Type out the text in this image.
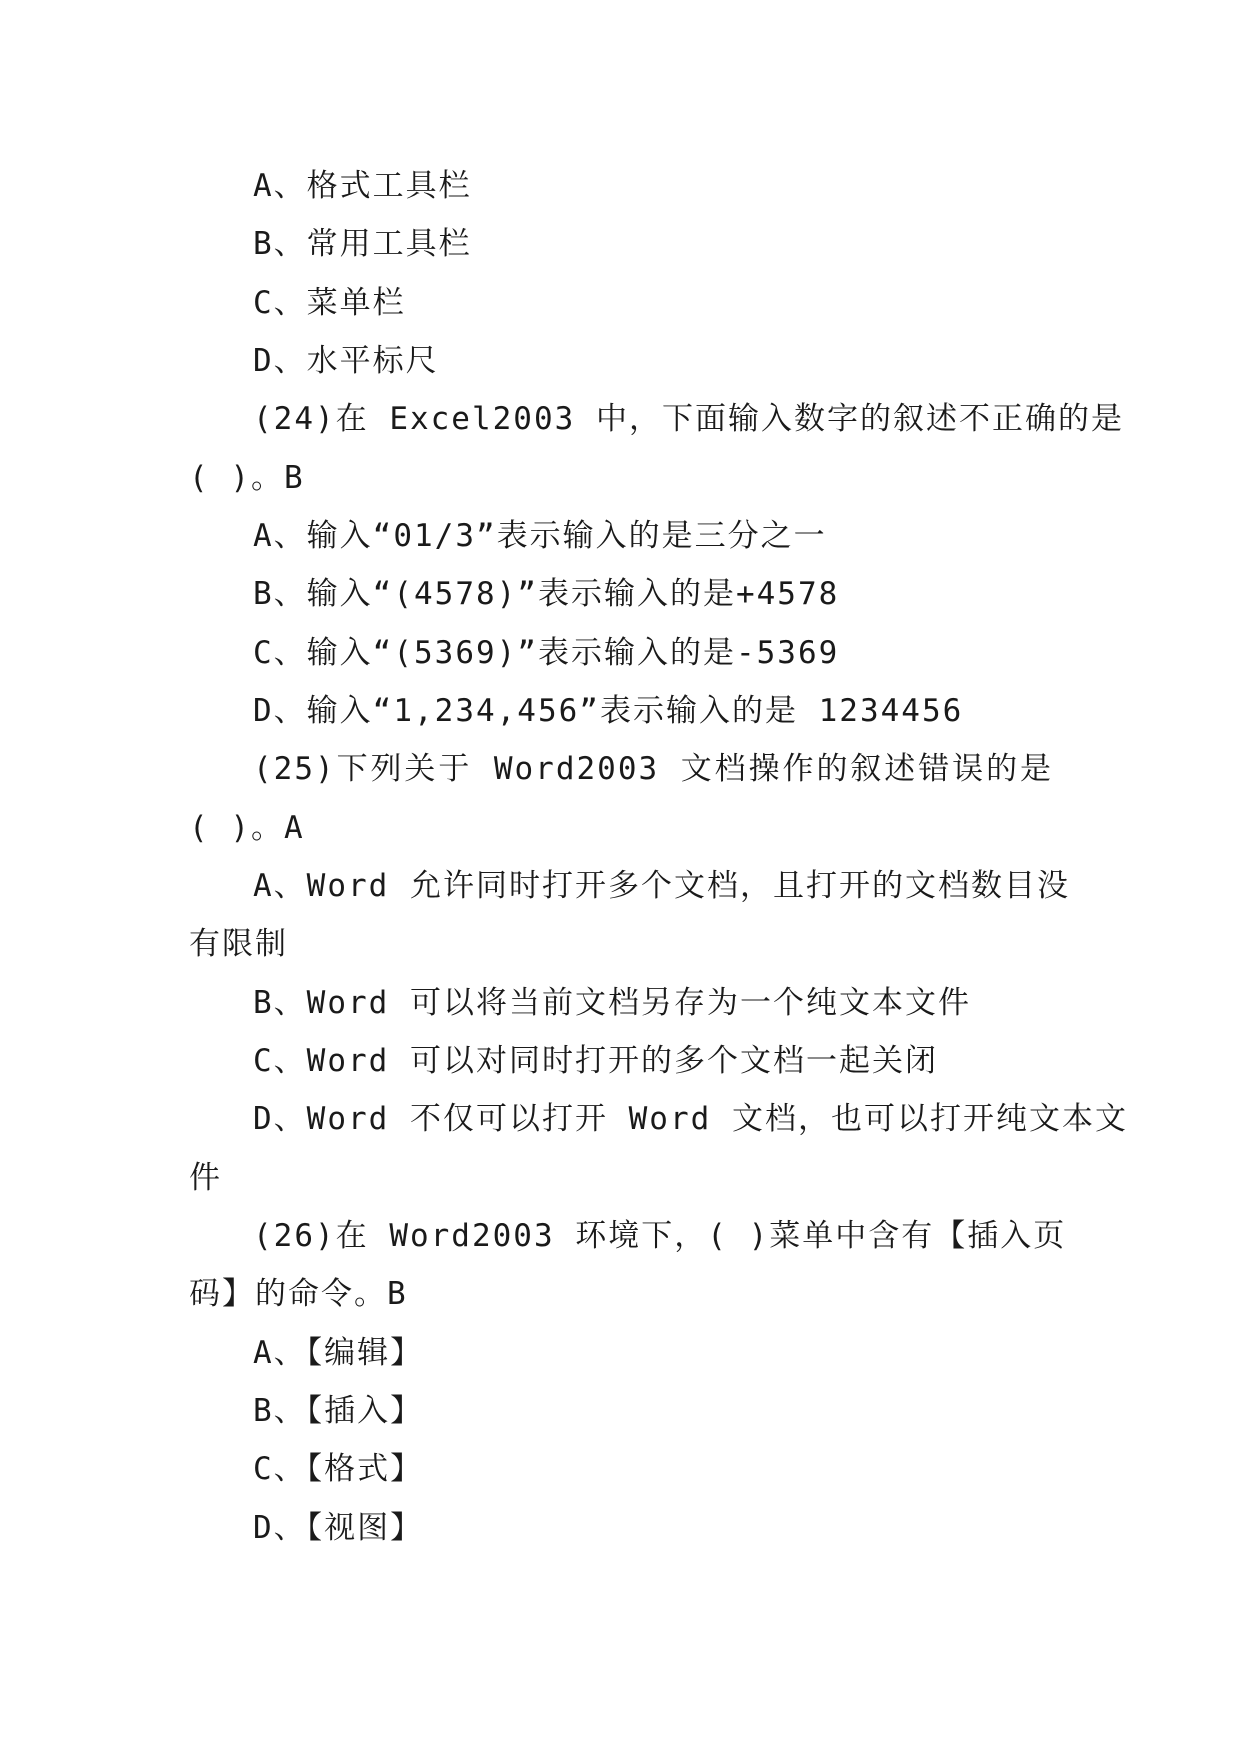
A、格式工具栏
B、常用工具栏
C、菜单栏
D、水平标尺
(24)在 Excel2003 中，下面输入数字的叙述不正确的是
( )。B
A、输入“01/3”表示输入的是三分之一
B、输入“(4578)”表示输入的是+4578
C、输入“(5369)”表示输入的是-5369
D、输入“1,234,456”表示输入的是 1234456
(25)下列关于 Word2003 文档操作的叙述错误的是
( )。A
A、Word 允许同时打开多个文档，且打开的文档数目没
有限制
B、Word 可以将当前文档另存为一个纯文本文件
C、Word 可以对同时打开的多个文档一起关闭
D、Word 不仅可以打开 Word 文档，也可以打开纯文本文
件
(26)在 Word2003 环境下，( )菜单中含有【插入页
码】的命令。B
A、【编辑】
B、【插入】
C、【格式】
D、【视图】
